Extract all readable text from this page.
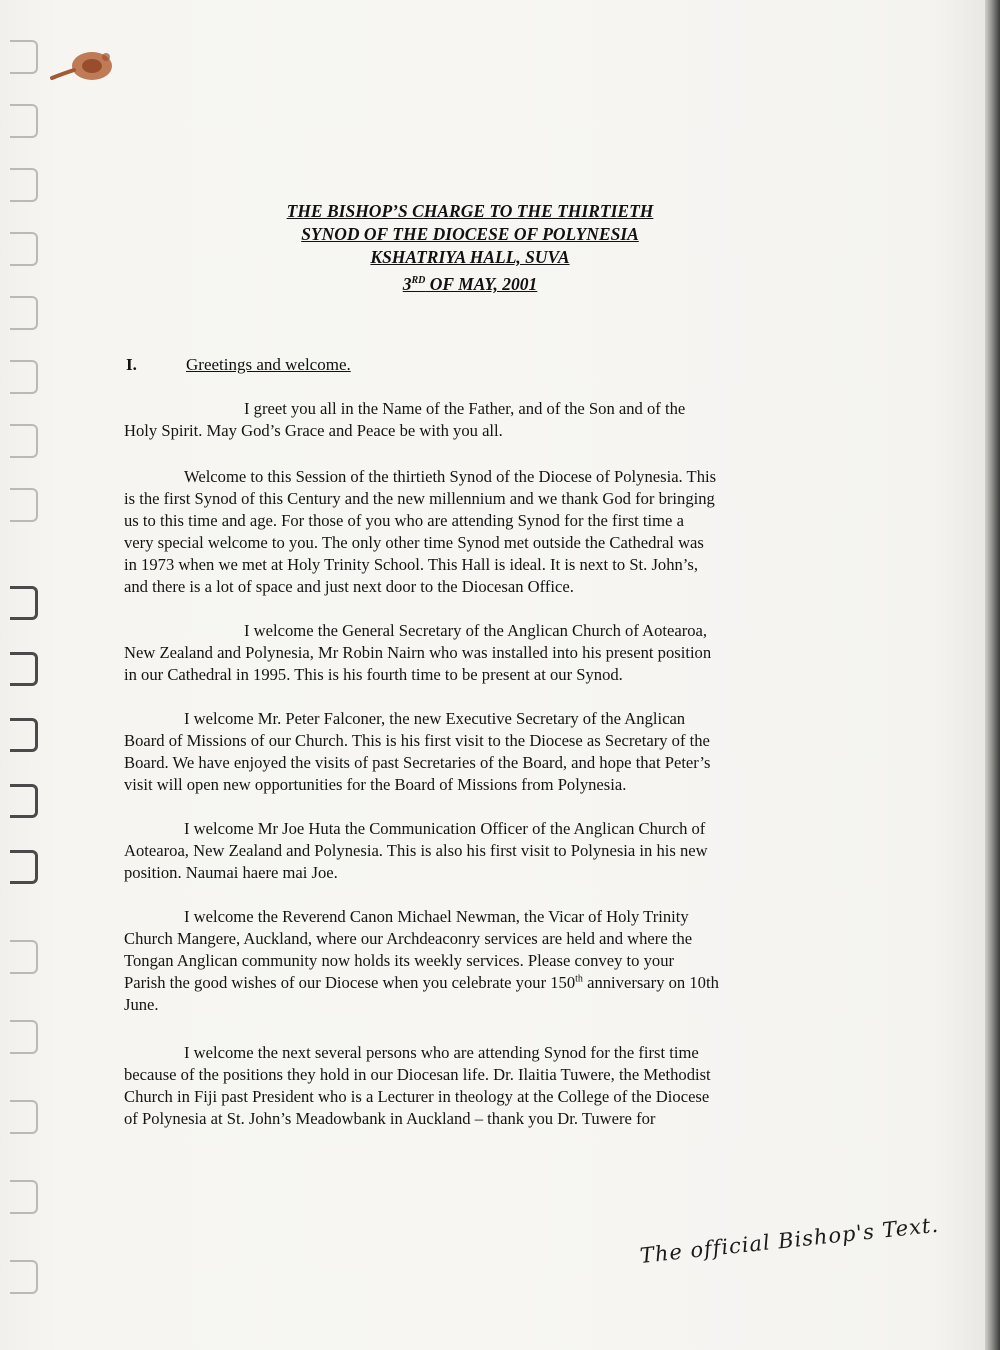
THE BISHOP’S CHARGE TO THE THIRTIETH
SYNOD OF THE DIOCESE OF POLYNESIA
KSHATRIYA HALL, SUVA
3RD OF MAY, 2001
I.	Greetings and welcome.
I greet you all in the Name of the Father, and of the Son and of the
Holy Spirit. May God’s Grace and Peace be with you all.
Welcome to this Session of the thirtieth Synod of the Diocese of Polynesia. This
is the first Synod of this Century and the new millennium and we thank God for bringing
us to this time and age. For those of you who are attending Synod for the first time a
very special welcome to you. The only other time Synod met outside the Cathedral was
in 1973 when we met at Holy Trinity School. This Hall is ideal. It is next to St. John’s,
and there is a lot of space and just next door to the Diocesan Office.
I welcome the General Secretary of the Anglican Church of Aotearoa,
New Zealand and Polynesia, Mr Robin Nairn who was installed into his present position
in our Cathedral in 1995. This is his fourth time to be present at our Synod.
I welcome Mr. Peter Falconer, the new Executive Secretary of the Anglican
Board of Missions of our Church. This is his first visit to the Diocese as Secretary of the
Board. We have enjoyed the visits of past Secretaries of the Board, and hope that Peter’s
visit will open new opportunities for the Board of Missions from Polynesia.
I welcome Mr Joe Huta the Communication Officer of the Anglican Church of
Aotearoa, New Zealand and Polynesia. This is also his first visit to Polynesia in his new
position. Naumai haere mai Joe.
I welcome the Reverend Canon Michael Newman, the Vicar of Holy Trinity
Church Mangere, Auckland, where our Archdeaconry services are held and where the
Tongan Anglican community now holds its weekly services. Please convey to your
Parish the good wishes of our Diocese when you celebrate your 150th anniversary on 10th
June.
I welcome the next several persons who are attending Synod for the first time
because of the positions they hold in our Diocesan life. Dr. Ilaitia Tuwere, the Methodist
Church in Fiji past President who is a Lecturer in theology at the College of the Diocese
of Polynesia at St. John’s Meadowbank in Auckland – thank you Dr. Tuwere for
The official Bishop's Text.
